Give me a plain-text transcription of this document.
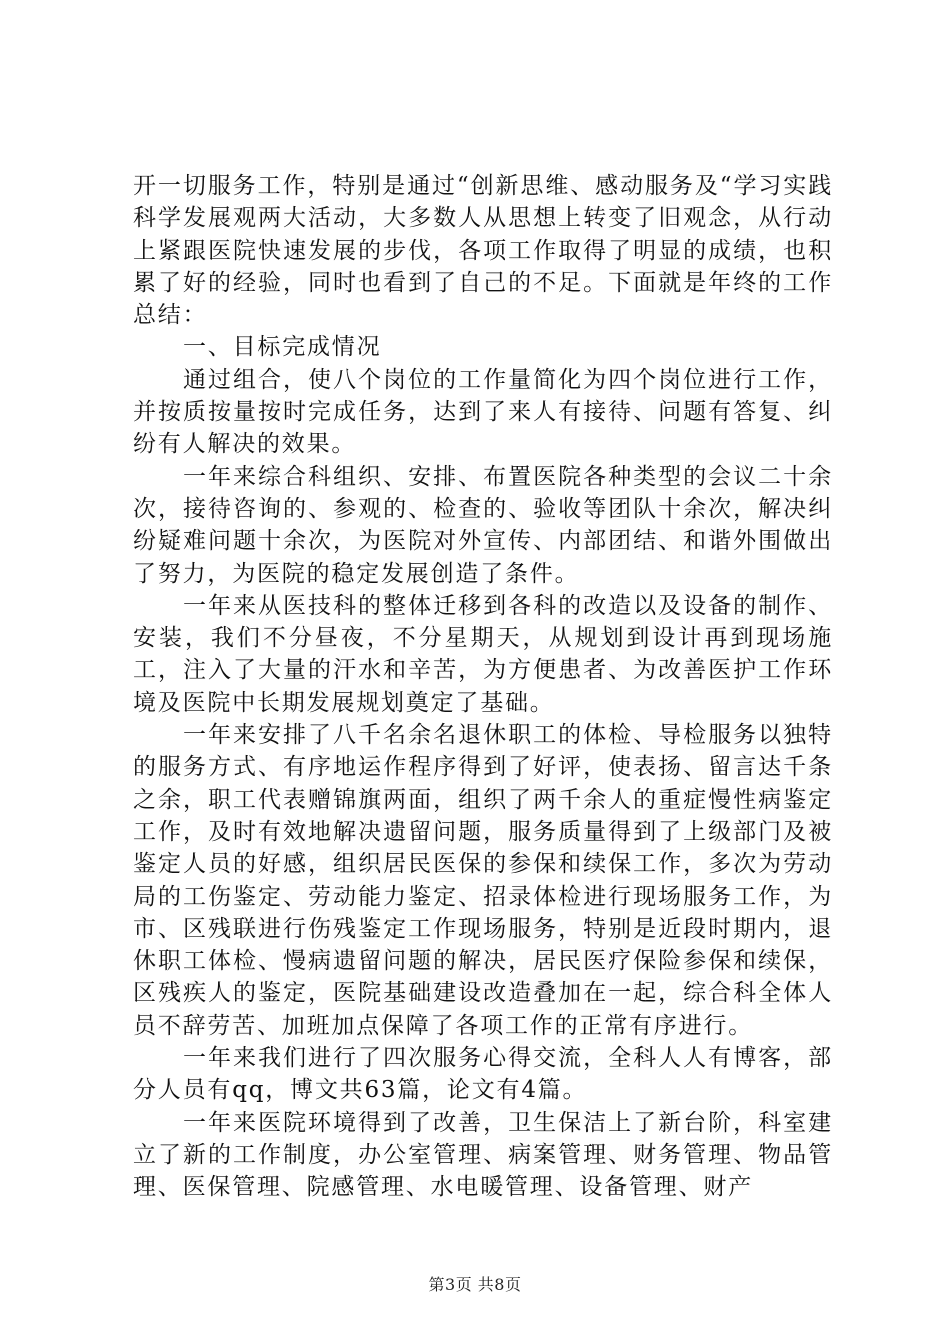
开一切服务工作，特别是通过“创新思维、感动服务及“学习实践科学发展观两大活动，大多数人从思想上转变了旧观念，从行动上紧跟医院快速发展的步伐，各项工作取得了明显的成绩，也积累了好的经验，同时也看到了自己的不足。下面就是年终的工作总结：

一、目标完成情况

通过组合，使八个岗位的工作量简化为四个岗位进行工作，并按质按量按时完成任务，达到了来人有接待、问题有答复、纠纷有人解决的效果。

一年来综合科组织、安排、布置医院各种类型的会议二十余次，接待咨询的、参观的、检查的、验收等团队十余次，解决纠纷疑难问题十余次，为医院对外宣传、内部团结、和谐外围做出了努力，为医院的稳定发展创造了条件。

一年来从医技科的整体迁移到各科的改造以及设备的制作、安装，我们不分昼夜，不分星期天，从规划到设计再到现场施工，注入了大量的汗水和辛苦，为方便患者、为改善医护工作环境及医院中长期发展规划奠定了基础。

一年来安排了八千名余名退休职工的体检、导检服务以独特的服务方式、有序地运作程序得到了好评，使表扬、留言达千条之余，职工代表赠锦旗两面，组织了两千余人的重症慢性病鉴定工作，及时有效地解决遗留问题，服务质量得到了上级部门及被鉴定人员的好感，组织居民医保的参保和续保工作，多次为劳动局的工伤鉴定、劳动能力鉴定、招录体检进行现场服务工作，为市、区残联进行伤残鉴定工作现场服务，特别是近段时期内，退休职工体检、慢病遗留问题的解决，居民医疗保险参保和续保，区残疾人的鉴定，医院基础建设改造叠加在一起，综合科全体人员不辞劳苦、加班加点保障了各项工作的正常有序进行。

一年来我们进行了四次服务心得交流，全科人人有博客，部分人员有qq，博文共63篇，论文有4篇。

一年来医院环境得到了改善，卫生保洁上了新台阶，科室建立了新的工作制度，办公室管理、病案管理、财务管理、物品管理、医保管理、院感管理、水电暖管理、设备管理、财产

第3页 共8页
